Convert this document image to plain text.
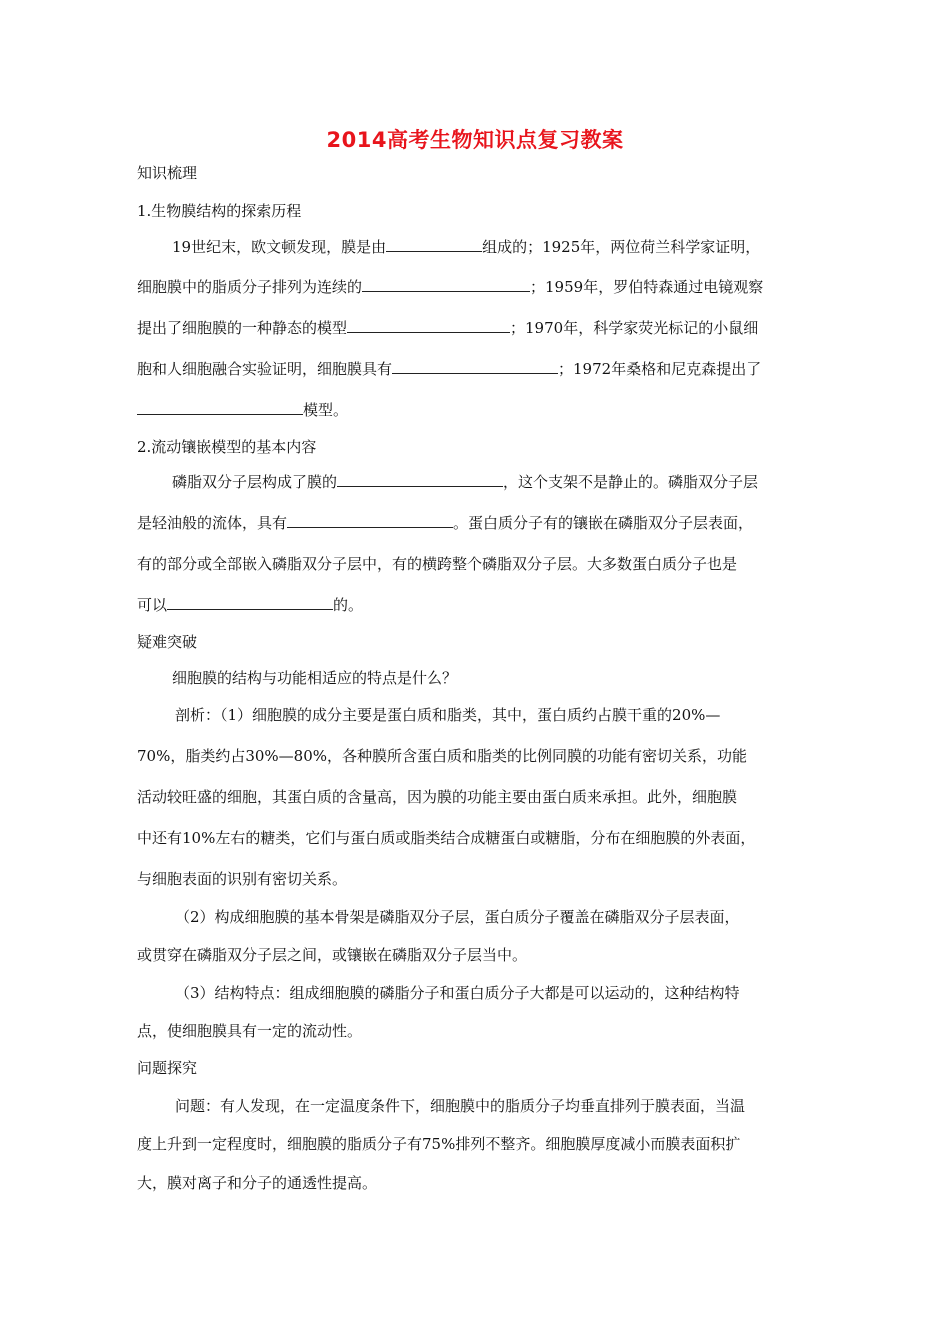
2014高考生物知识点复习教案
知识梳理
1.生物膜结构的探索历程
19世纪末，欧文顿发现，膜是由	组成的；1925年，两位荷兰科学家证明，
细胞膜中的脂质分子排列为连续的	；1959年，罗伯特森通过电镜观察
提出了细胞膜的一种静态的模型	；1970年，科学家荧光标记的小鼠细
胞和人细胞融合实验证明，细胞膜具有	；1972年桑格和尼克森提出了
模型。
2.流动镶嵌模型的基本内容
磷脂双分子层构成了膜的	，这个支架不是静止的。磷脂双分子层
是轻油般的流体，具有	。蛋白质分子有的镶嵌在磷脂双分子层表面，
有的部分或全部嵌入磷脂双分子层中，有的横跨整个磷脂双分子层。大多数蛋白质分子也是
可以	的。
疑难突破
细胞膜的结构与功能相适应的特点是什么？
剖析：（1）细胞膜的成分主要是蛋白质和脂类，其中，蛋白质约占膜干重的20%—
70%，脂类约占30%—80%，各种膜所含蛋白质和脂类的比例同膜的功能有密切关系，功能
活动较旺盛的细胞，其蛋白质的含量高，因为膜的功能主要由蛋白质来承担。此外，细胞膜
中还有10%左右的糖类，它们与蛋白质或脂类结合成糖蛋白或糖脂，分布在细胞膜的外表面，
与细胞表面的识别有密切关系。
（2）构成细胞膜的基本骨架是磷脂双分子层，蛋白质分子覆盖在磷脂双分子层表面，
或贯穿在磷脂双分子层之间，或镶嵌在磷脂双分子层当中。
（3）结构特点：组成细胞膜的磷脂分子和蛋白质分子大都是可以运动的，这种结构特
点，使细胞膜具有一定的流动性。
问题探究
问题：有人发现，在一定温度条件下，细胞膜中的脂质分子均垂直排列于膜表面，当温
度上升到一定程度时，细胞膜的脂质分子有75%排列不整齐。细胞膜厚度减小而膜表面积扩
大，膜对离子和分子的通透性提高。
